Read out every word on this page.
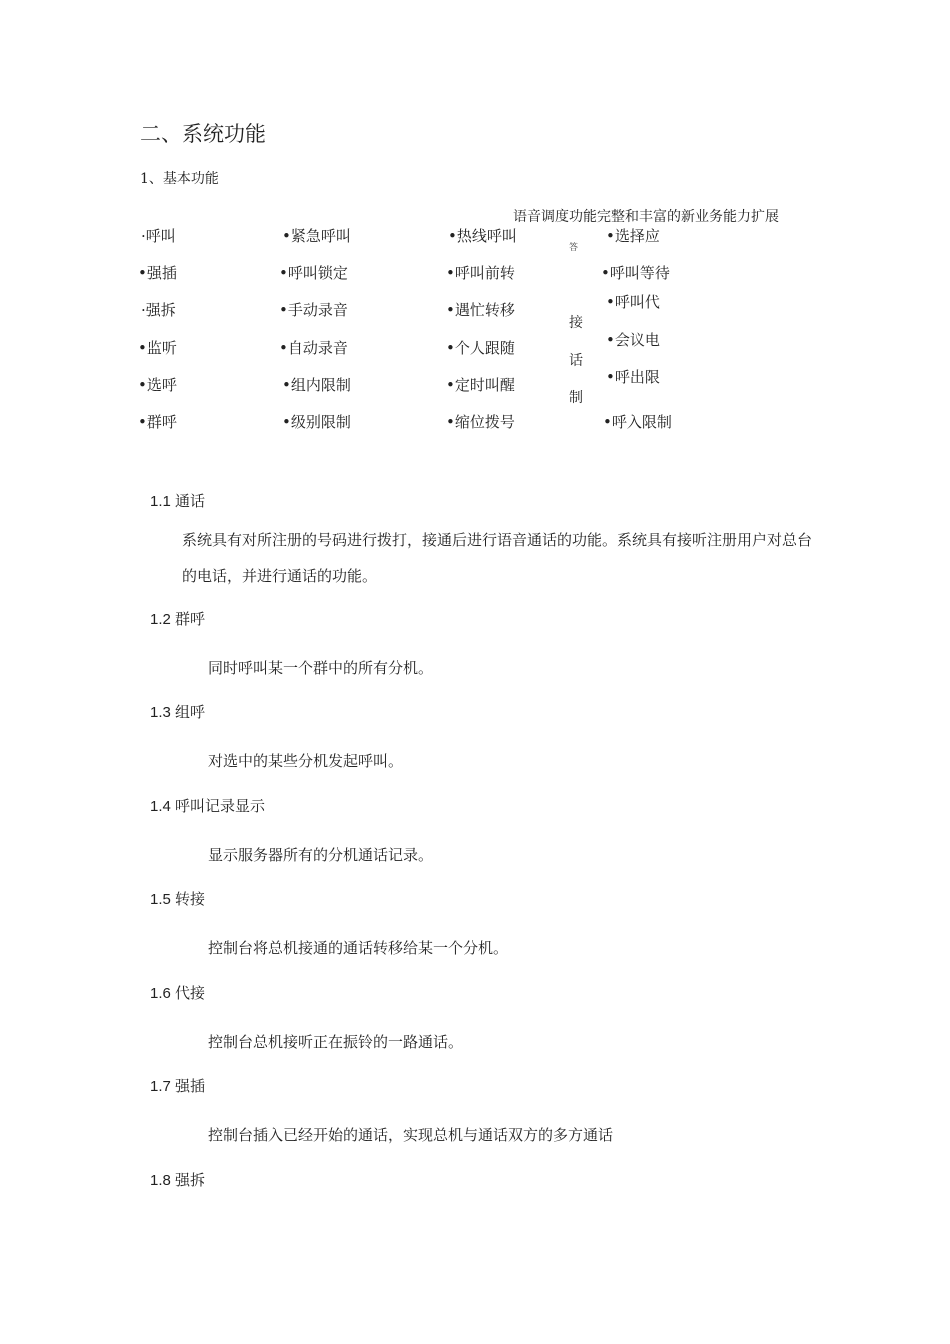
二、系统功能
1、基本功能
语音调度功能完整和丰富的新业务能力扩展
·呼叫
•强插
·强拆
•监听
•选呼
•群呼
•紧急呼叫
•呼叫锁定
•手动录音
•自动录音
•组内限制
•级别限制
•热线呼叫
•呼叫前转
•遇忙转移
•个人跟随
•定时叫醒
•缩位拨号
答
接
话
制
•选择应
•呼叫等待
•呼叫代
•会议电
•呼出限
•呼入限制
1.1 通话
系统具有对所注册的号码进行拨打，接通后进行语音通话的功能。系统具有接听注册用户对总台的电话，并进行通话的功能。
1.2 群呼
同时呼叫某一个群中的所有分机。
1.3 组呼
对选中的某些分机发起呼叫。
1.4 呼叫记录显示
显示服务器所有的分机通话记录。
1.5 转接
控制台将总机接通的通话转移给某一个分机。
1.6 代接
控制台总机接听正在振铃的一路通话。
1.7 强插
控制台插入已经开始的通话，实现总机与通话双方的多方通话
1.8 强拆
